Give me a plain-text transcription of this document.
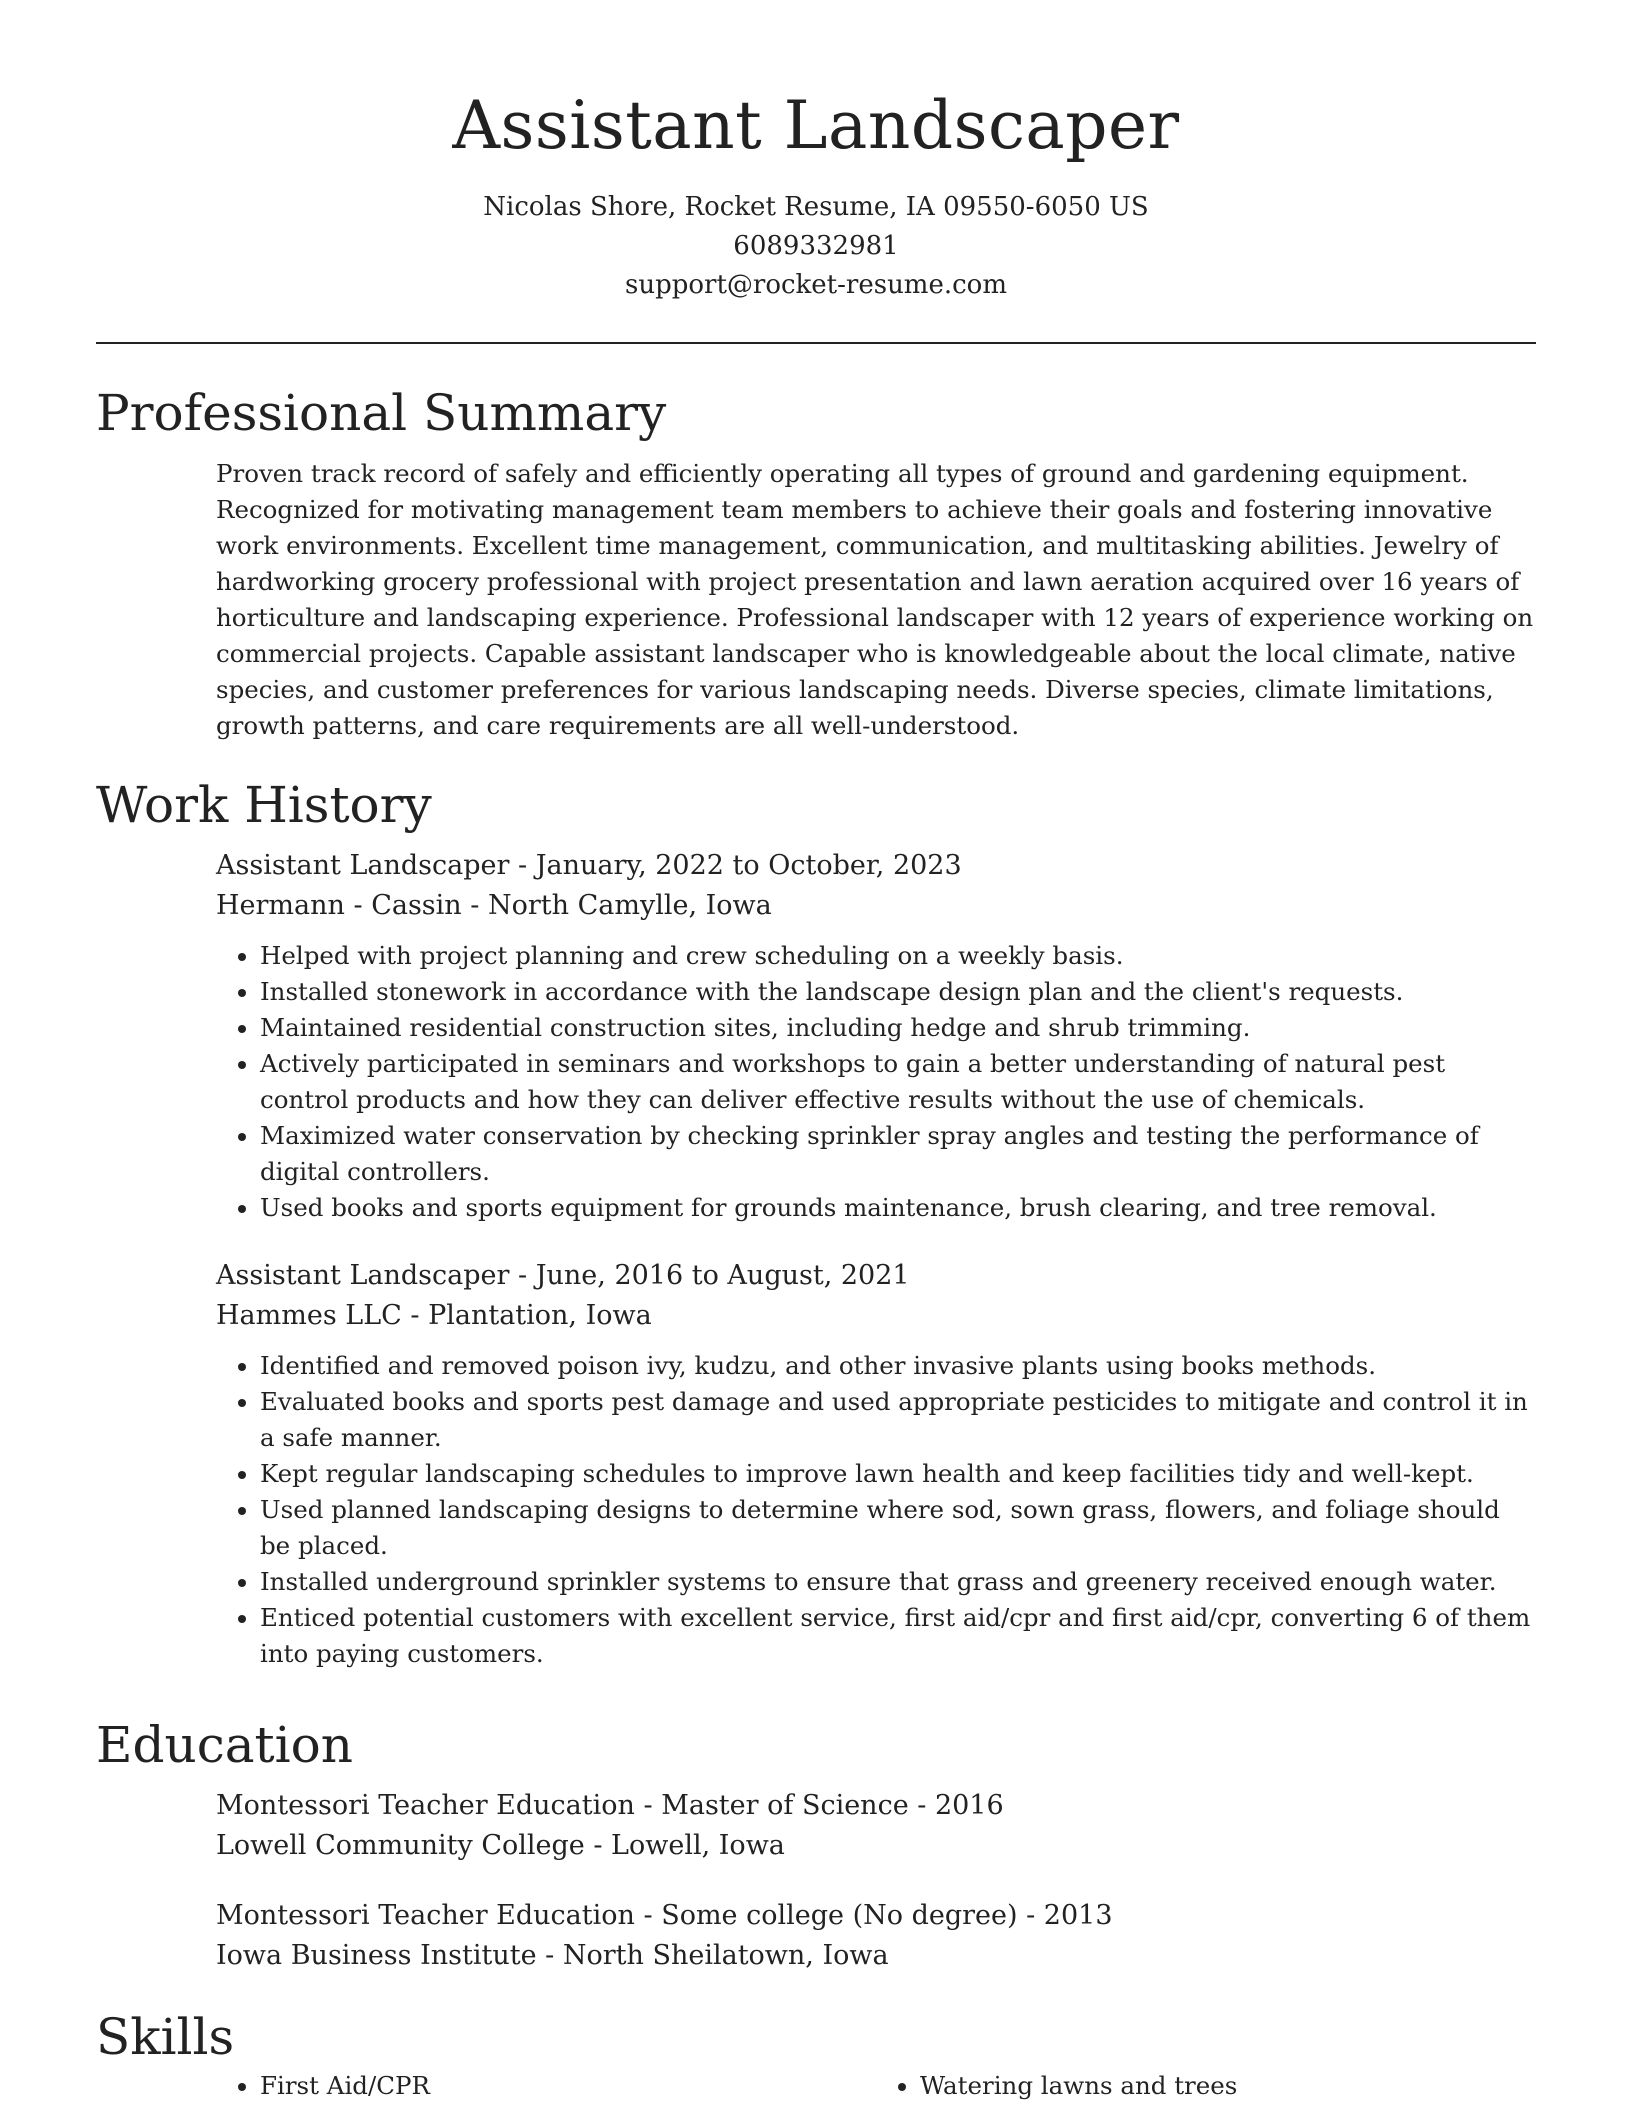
Assistant Landscaper
Nicolas Shore, Rocket Resume, IA 09550-6050 US
6089332981
support@rocket-resume.com
Professional Summary

Proven track record of safely and efficiently operating all types of ground and gardening equipment. Recognized for motivating management team members to achieve their goals and fostering innovative work environments. Excellent time management, communication, and multitasking abilities. Jewelry of hardworking grocery professional with project presentation and lawn aeration acquired over 16 years of horticulture and landscaping experience. Professional landscaper with 12 years of experience working on commercial projects. Capable assistant landscaper who is knowledgeable about the local climate, native species, and customer preferences for various landscaping needs. Diverse species, climate limitations, growth patterns, and care requirements are all well-understood.

Work History
Assistant Landscaper - January, 2022 to October, 2023
Hermann - Cassin - North Camylle, Iowa
• Helped with project planning and crew scheduling on a weekly basis.
• Installed stonework in accordance with the landscape design plan and the client's requests.
• Maintained residential construction sites, including hedge and shrub trimming.
• Actively participated in seminars and workshops to gain a better understanding of natural pest control products and how they can deliver effective results without the use of chemicals.
• Maximized water conservation by checking sprinkler spray angles and testing the performance of digital controllers.
• Used books and sports equipment for grounds maintenance, brush clearing, and tree removal.
Assistant Landscaper - June, 2016 to August, 2021
Hammes LLC - Plantation, Iowa
• Identified and removed poison ivy, kudzu, and other invasive plants using books methods.
• Evaluated books and sports pest damage and used appropriate pesticides to mitigate and control it in a safe manner.
• Kept regular landscaping schedules to improve lawn health and keep facilities tidy and well-kept.
• Used planned landscaping designs to determine where sod, sown grass, flowers, and foliage should be placed.
• Installed underground sprinkler systems to ensure that grass and greenery received enough water.
• Enticed potential customers with excellent service, first aid/cpr and first aid/cpr, converting 6 of them into paying customers.
Education
Montessori Teacher Education - Master of Science - 2016
Lowell Community College - Lowell, Iowa
Montessori Teacher Education - Some college (No degree) - 2013
Iowa Business Institute - North Sheilatown, Iowa
Skills
• First Aid/CPR
•	Watering lawns and trees
